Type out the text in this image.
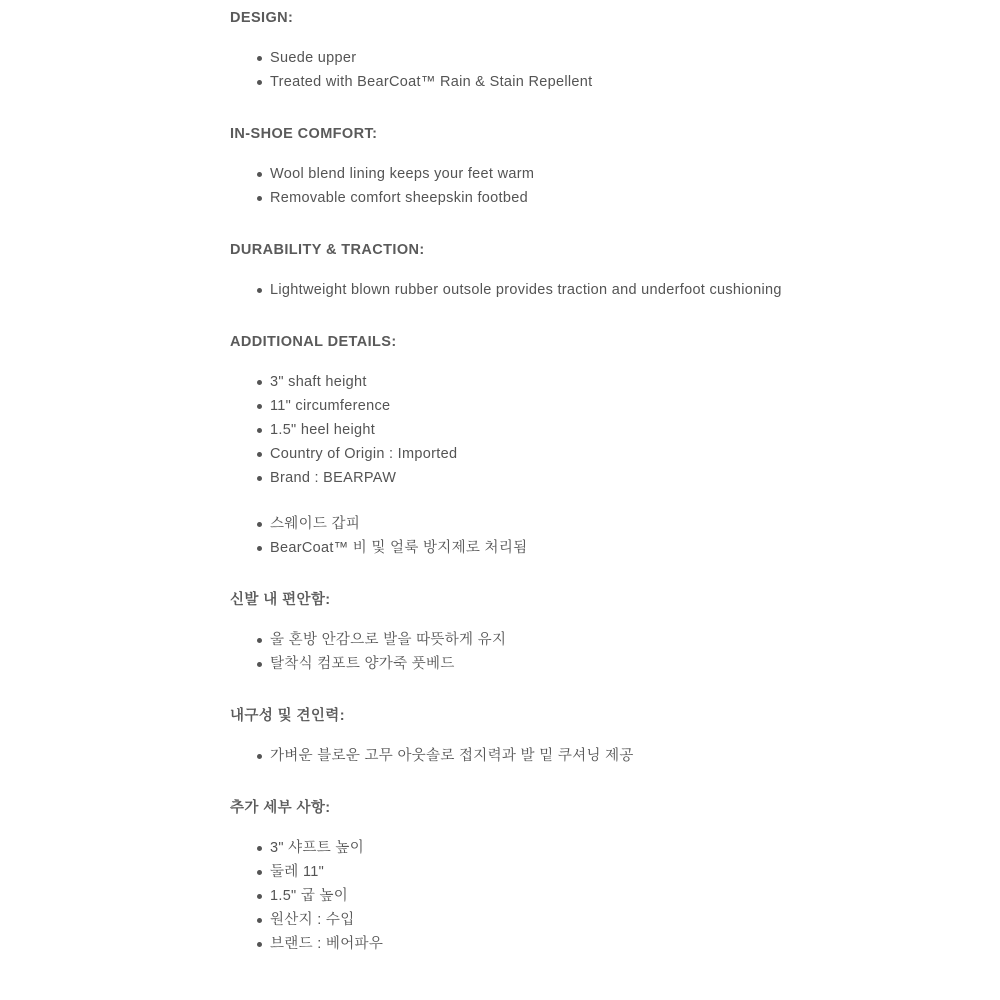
DESIGN:
Suede upper
Treated with BearCoat™ Rain & Stain Repellent
IN-SHOE COMFORT:
Wool blend lining keeps your feet warm
Removable comfort sheepskin footbed
DURABILITY & TRACTION:
Lightweight blown rubber outsole provides traction and underfoot cushioning
ADDITIONAL DETAILS:
3" shaft height
11" circumference
1.5" heel height
Country of Origin : Imported
Brand : BEARPAW
스웨이드 갑피
BearCoat™ 비 및 얼룩 방지제로 처리됨
신발 내 편안함:
울 혼방 안감으로 발을 따뜻하게 유지
탈착식 컴포트 양가죽 풋베드
내구성 및 견인력:
가벼운 블로운 고무 아웃솔로 접지력과 발 밑 쿠셔닝 제공
추가 세부 사항:
3" 샤프트 높이
둘레 11"
1.5" 굽 높이
원산지 : 수입
브랜드 : 베어파우
